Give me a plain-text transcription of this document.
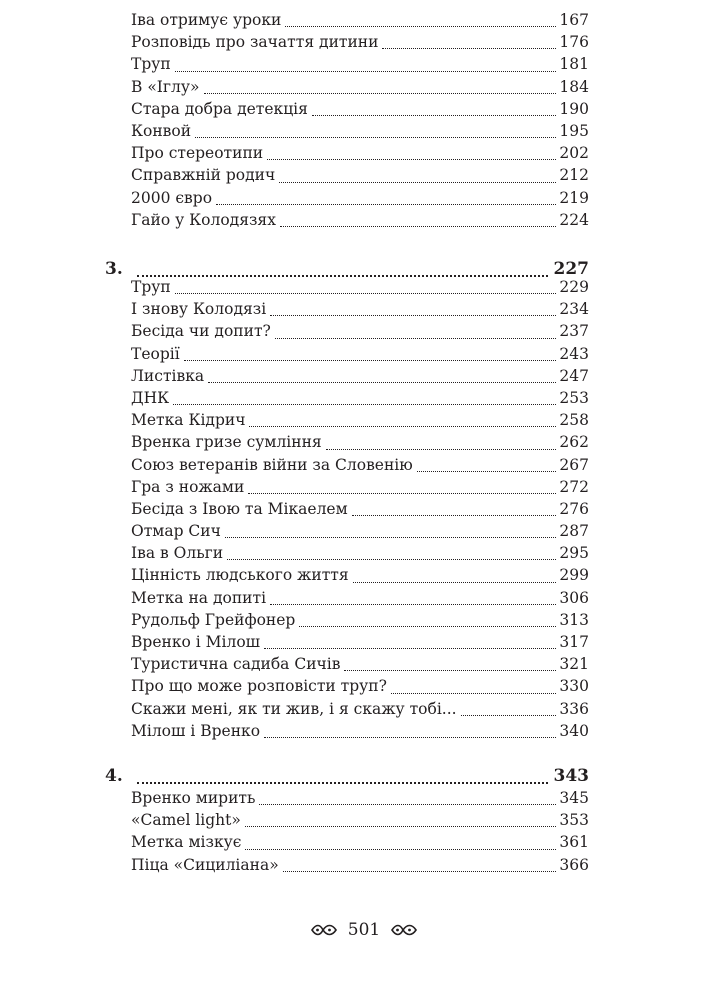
Іва отримує уроки	167
Розповідь про зачаття дитини	176
Труп	181
В «Іглу»	184
Стара добра детекція	190
Конвой	195
Про стереотипи	202
Справжній родич	212
2000 євро	219
Гайо у Колодязях	224
3.	227
Труп	229
І знову Колодязі	234
Бесіда чи допит?	237
Теорії	243
Листівка	247
ДНК	253
Метка Кідрич	258
Вренка гризе сумління	262
Союз ветеранів війни за Словенію	267
Гра з ножами	272
Бесіда з Івою та Мікаелем	276
Отмар Сич	287
Іва в Ольги	295
Цінність людського життя	299
Метка на допиті	306
Рудольф Грейфонер	313
Вренко і Мілош	317
Туристична садиба Сичів	321
Про що може розповісти труп?	330
Скажи мені, як ти жив, і я скажу тобі...	336
Мілош і Вренко	340
4.	343
Вренко мирить	345
«Camel light»	353
Метка мізкує	361
Піца «Сициліана»	366
501
